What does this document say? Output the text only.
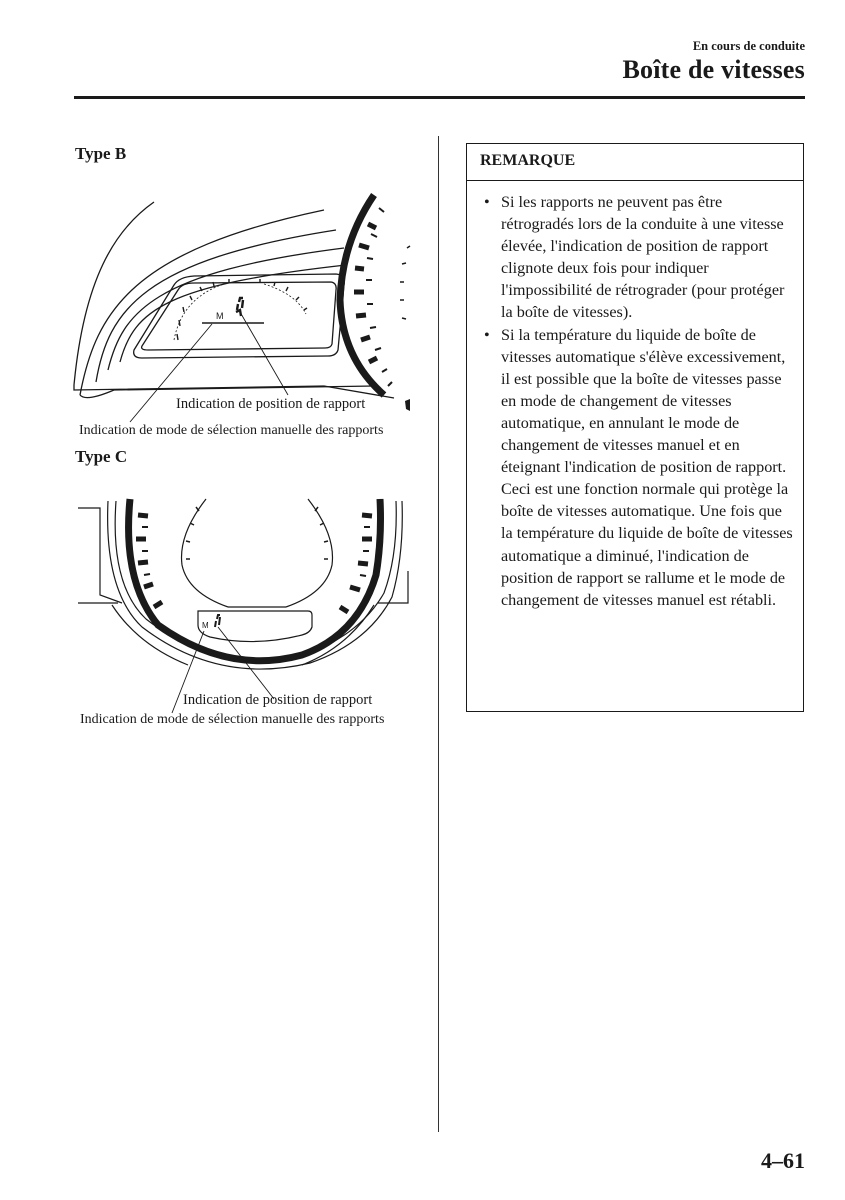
En cours de conduite
Boîte de vitesses
Type B
M
Indication de position de rapport
Indication de mode de sélection manuelle des rapports
Type C
M
Indication de position de rapport
Indication de mode de sélection manuelle des rapports
REMARQUE
• Si les rapports ne peuvent pas être rétrogradés lors de la conduite à une vitesse élevée, l'indication de position de rapport clignote deux fois pour indiquer l'impossibilité de rétrograder (pour protéger la boîte de vitesses).
• Si la température du liquide de boîte de vitesses automatique s'élève excessivement, il est possible que la boîte de vitesses passe en mode de changement de vitesses automatique, en annulant le mode de changement de vitesses manuel et en éteignant l'indication de position de rapport. Ceci est une fonction normale qui protège la boîte de vitesses automatique. Une fois que la température du liquide de boîte de vitesses automatique a diminué, l'indication de position de rapport se rallume et le mode de changement de vitesses manuel est rétabli.
4–61
